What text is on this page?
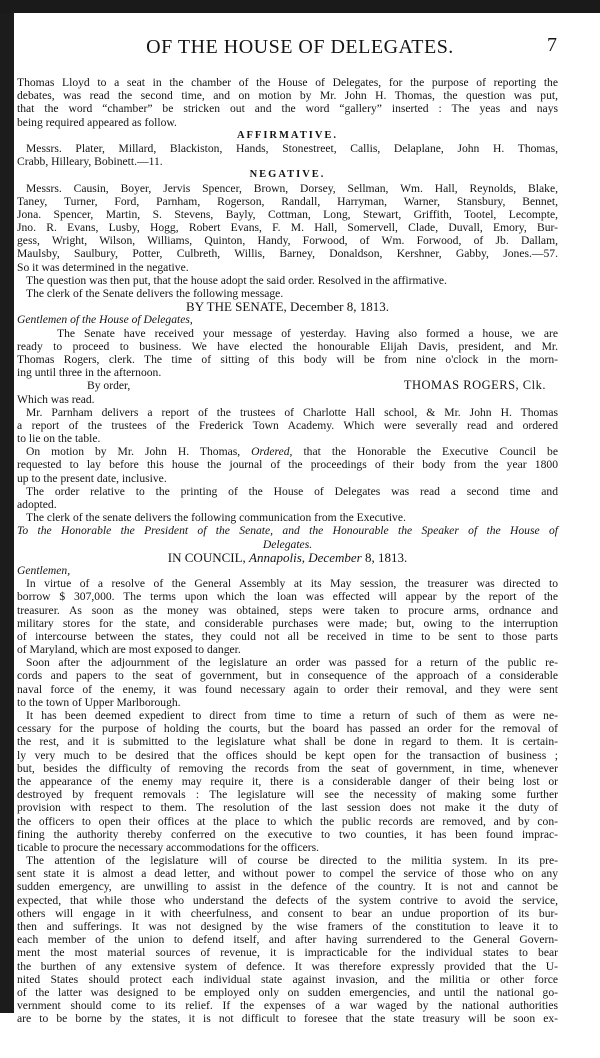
OF THE HOUSE OF DELEGATES.	7
Thomas Lloyd to a seat in the chamber of the House of Delegates, for the purpose of reporting the
debates, was read the second time, and on motion by Mr. John H. Thomas, the question was put,
that the word “chamber” be stricken out and the word “gallery” inserted : The yeas and nays
being required appeared as follow.
AFFIRMATIVE.
Messrs. Plater, Millard, Blackiston, Hands, Stonestreet, Callis, Delaplane, John H. Thomas,
Crabb, Hilleary, Bobinett.—11.
NEGATIVE.
Messrs. Causin, Boyer, Jervis Spencer, Brown, Dorsey, Sellman, Wm. Hall, Reynolds, Blake,
Taney, Turner, Ford, Parnham, Rogerson, Randall, Harryman, Warner, Stansbury, Bennet,
Jona. Spencer, Martin, S. Stevens, Bayly, Cottman, Long, Stewart, Griffith, Tootel, Lecompte,
Jno. R. Evans, Lusby, Hogg, Robert Evans, F. M. Hall, Somervell, Clade, Duvall, Emory, Bur-
gess, Wright, Wilson, Williams, Quinton, Handy, Forwood, of Wm. Forwood, of Jb. Dallam,
Maulsby, Saulbury, Potter, Culbreth, Willis, Barney, Donaldson, Kershner, Gabby, Jones.—57.
So it was determined in the negative.
The question was then put, that the house adopt the said order. Resolved in the affirmative.
The clerk of the Senate delivers the following message.
BY THE SENATE, December 8, 1813.
Gentlemen of the House of Delegates,
The Senate have received your message of yesterday. Having also formed a house, we are
ready to proceed to business. We have elected the honourable Elijah Davis, president, and Mr.
Thomas Rogers, clerk. The time of sitting of this body will be from nine o'clock in the morn-
ing until three in the afternoon.
By order,	THOMAS ROGERS, Clk.
Which was read.
Mr. Parnham delivers a report of the trustees of Charlotte Hall school, & Mr. John H. Thomas
a report of the trustees of the Frederick Town Academy. Which were severally read and ordered
to lie on the table.
On motion by Mr. John H. Thomas, Ordered, that the Honorable the Executive Council be
requested to lay before this house the journal of the proceedings of their body from the year 1800
up to the present date, inclusive.
The order relative to the printing of the House of Delegates was read a second time and
adopted.
The clerk of the senate delivers the following communication from the Executive.
To the Honorable the President of the Senate, and the Honourable the Speaker of the House of
Delegates.
IN COUNCIL, Annapolis, December 8, 1813.
Gentlemen,
In virtue of a resolve of the General Assembly at its May session, the treasurer was directed to
borrow $ 307,000. The terms upon which the loan was effected will appear by the report of the
treasurer. As soon as the money was obtained, steps were taken to procure arms, ordnance and
military stores for the state, and considerable purchases were made; but, owing to the interruption
of intercourse between the states, they could not all be received in time to be sent to those parts
of Maryland, which are most exposed to danger.
Soon after the adjournment of the legislature an order was passed for a return of the public re-
cords and papers to the seat of government, but in consequence of the approach of a considerable
naval force of the enemy, it was found necessary again to order their removal, and they were sent
to the town of Upper Marlborough.
It has been deemed expedient to direct from time to time a return of such of them as were ne-
cessary for the purpose of holding the courts, but the board has passed an order for the removal of
the rest, and it is submitted to the legislature what shall be done in regard to them. It is certain-
ly very much to be desired that the offices should be kept open for the transaction of business ;
but, besides the difficulty of removing the records from the seat of government, in time, whenever
the appearance of the enemy may require it, there is a considerable danger of their being lost or
destroyed by frequent removals : The legislature will see the necessity of making some further
provision with respect to them. The resolution of the last session does not make it the duty of
the officers to open their offices at the place to which the public records are removed, and by con-
fining the authority thereby conferred on the executive to two counties, it has been found imprac-
ticable to procure the necessary accommodations for the officers.
The attention of the legislature will of course be directed to the militia system. In its pre-
sent state it is almost a dead letter, and without power to compel the service of those who on any
sudden emergency, are unwilling to assist in the defence of the country. It is not and cannot be
expected, that while those who understand the defects of the system contrive to avoid the service,
others will engage in it with cheerfulness, and consent to bear an undue proportion of its bur-
then and sufferings. It was not designed by the wise framers of the constitution to leave it to
each member of the union to defend itself, and after having surrendered to the General Govern-
ment the most material sources of revenue, it is impracticable for the individual states to bear
the burthen of any extensive system of defence. It was therefore expressly provided that the U-
nited States should protect each individual state against invasion, and the militia or other force
of the latter was designed to be employed only on sudden emergencies, and until the national go-
vernment should come to its relief. If the expenses of a war waged by the national authorities
are to be borne by the states, it is not difficult to foresee that the state treasury will be soon ex-
